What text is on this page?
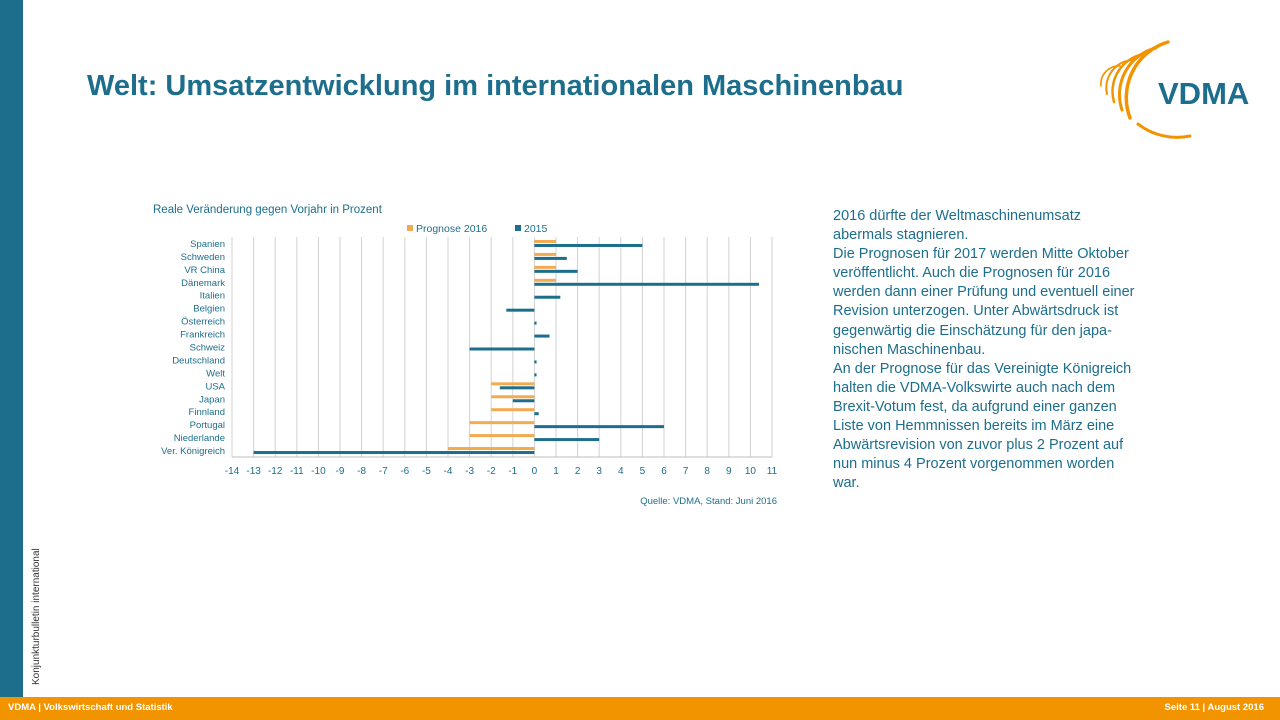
Konjunkturbulletin international
Welt: Umsatzentwicklung im internationalen Maschinenbau	VDMA
Reale Veränderung gegen Vorjahr in Prozent
Prognose 2016	2015
Spanien
Schweden
VR China
Dänemark
Italien
Belgien
Österreich
Frankreich
Schweiz
Deutschland
Welt
USA
Japan
Finnland
Portugal
Niederlande
Ver. Königreich
-14 -13 -12 -11 -10 -9 -8 -7 -6 -5 -4 -3 -2 -1 0 1 2 3 4 5 6 7 8 9 10 11
Quelle: VDMA, Stand: Juni 2016
2016 dürfte der Weltmaschinenumsatz
abermals stagnieren.
Die Prognosen für 2017 werden Mitte Oktober
veröffentlicht. Auch die Prognosen für 2016
werden dann einer Prüfung und eventuell einer
Revision unterzogen. Unter Abwärtsdruck ist
gegenwärtig die Einschätzung für den japa-
nischen Maschinenbau.
An der Prognose für das Vereinigte Königreich
halten die VDMA-Volkswirte auch nach dem
Brexit-Votum fest, da aufgrund einer ganzen
Liste von Hemmnissen bereits im März eine
Abwärtsrevision von zuvor plus 2 Prozent auf
nun minus 4 Prozent vorgenommen worden
war.
VDMA | Volkswirtschaft und Statistik	Seite 11 | August 2016
